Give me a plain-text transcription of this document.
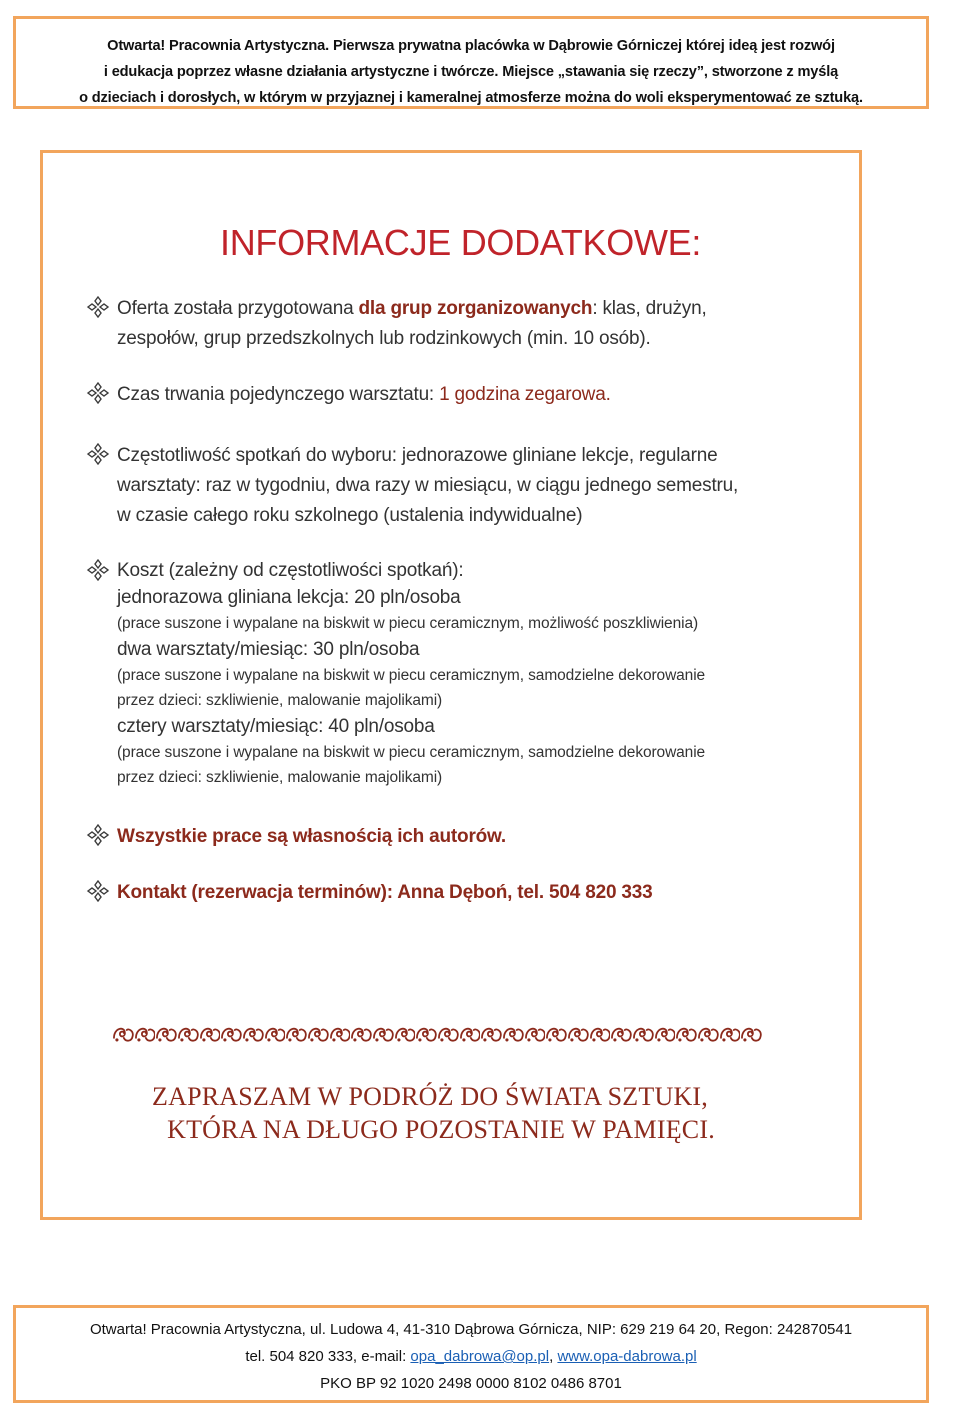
Otwarta! Pracownia Artystyczna. Pierwsza prywatna placówka w Dąbrowie Górniczej której ideą jest rozwój
i edukacja poprzez własne działania artystyczne i twórcze. Miejsce „stawania się rzeczy”, stworzone z myślą
o dzieciach i dorosłych, w którym w przyjaznej i kameralnej atmosferze można do woli eksperymentować ze sztuką.
INFORMACJE DODATKOWE:
Oferta została przygotowana dla grup zorganizowanych: klas, drużyn,
zespołów, grup przedszkolnych lub rodzinkowych (min. 10 osób).
Czas trwania pojedynczego warsztatu: 1 godzina zegarowa.
Częstotliwość spotkań do wyboru: jednorazowe gliniane lekcje, regularne
warsztaty: raz w tygodniu, dwa razy w miesiącu, w ciągu jednego semestru,
w czasie całego roku szkolnego (ustalenia indywidualne)
Koszt (zależny od częstotliwości spotkań):
jednorazowa gliniana lekcja: 20 pln/osoba
(prace suszone i wypalane na biskwit w piecu ceramicznym, możliwość poszkliwienia)
dwa warsztaty/miesiąc: 30 pln/osoba
(prace suszone i wypalane na biskwit w piecu ceramicznym, samodzielne dekorowanie
przez dzieci: szkliwienie, malowanie majolikami)
cztery warsztaty/miesiąc: 40 pln/osoba
(prace suszone i wypalane na biskwit w piecu ceramicznym, samodzielne dekorowanie
przez dzieci: szkliwienie, malowanie majolikami)
Wszystkie prace są własnością ich autorów.
Kontakt (rezerwacja terminów): Anna Dęboń, tel. 504 820 333
ZAPRASZAM W PODRÓŻ DO ŚWIATA SZTUKI,
KTÓRA NA DŁUGO POZOSTANIE W PAMIĘCI.
Otwarta! Pracownia Artystyczna, ul. Ludowa 4, 41-310 Dąbrowa Górnicza, NIP: 629 219 64 20, Regon: 242870541
tel. 504 820 333, e-mail: opa_dabrowa@op.pl, www.opa-dabrowa.pl
PKO BP 92 1020 2498 0000 8102 0486 8701
